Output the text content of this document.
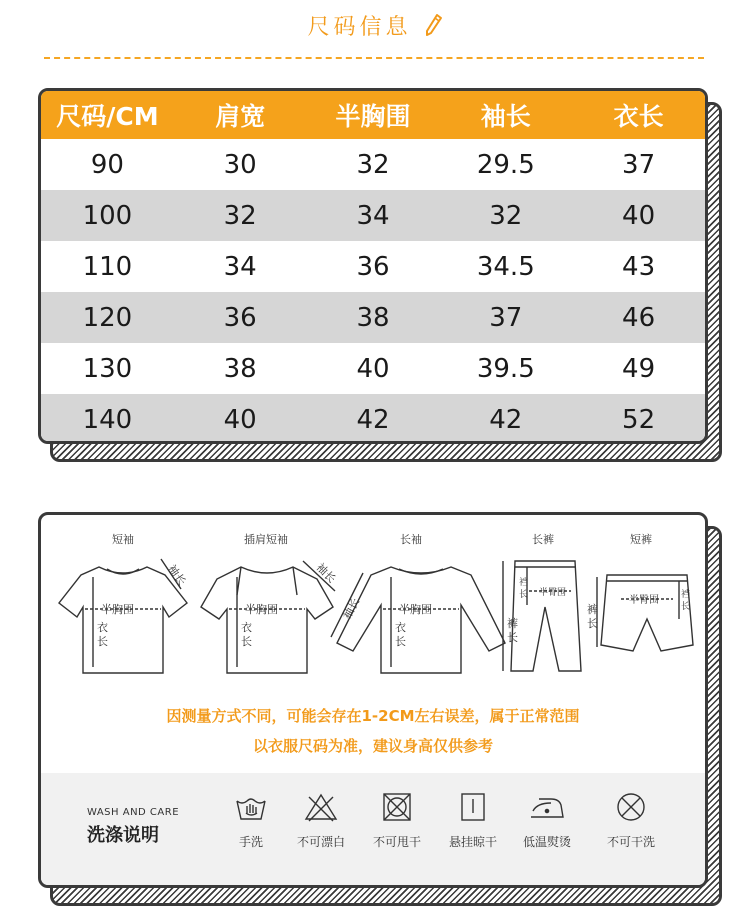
尺码信息
尺码/CM	肩宽	半胸围	袖长	衣长
90	30	32	29.5	37
100	32	34	32	40
110	34	36	34.5	43
120	36	38	37	46
130	38	40	39.5	49
140	40	42	42	52
短袖	插肩短袖	长袖	长裤	短裤
半胸围
衣
长
袖长
半胸围
衣
长
袖长
半胸围
衣
长
袖长
半臀围
裆
长
裤
长
半臀围
裤
长
裆
长
因测量方式不同，可能会存在1-2CM左右误差，属于正常范围
以衣服尺码为准，建议身高仅供参考
WASH AND CARE
洗涤说明	手洗	不可漂白	不可甩干	悬挂晾干	低温熨烫	不可干洗
